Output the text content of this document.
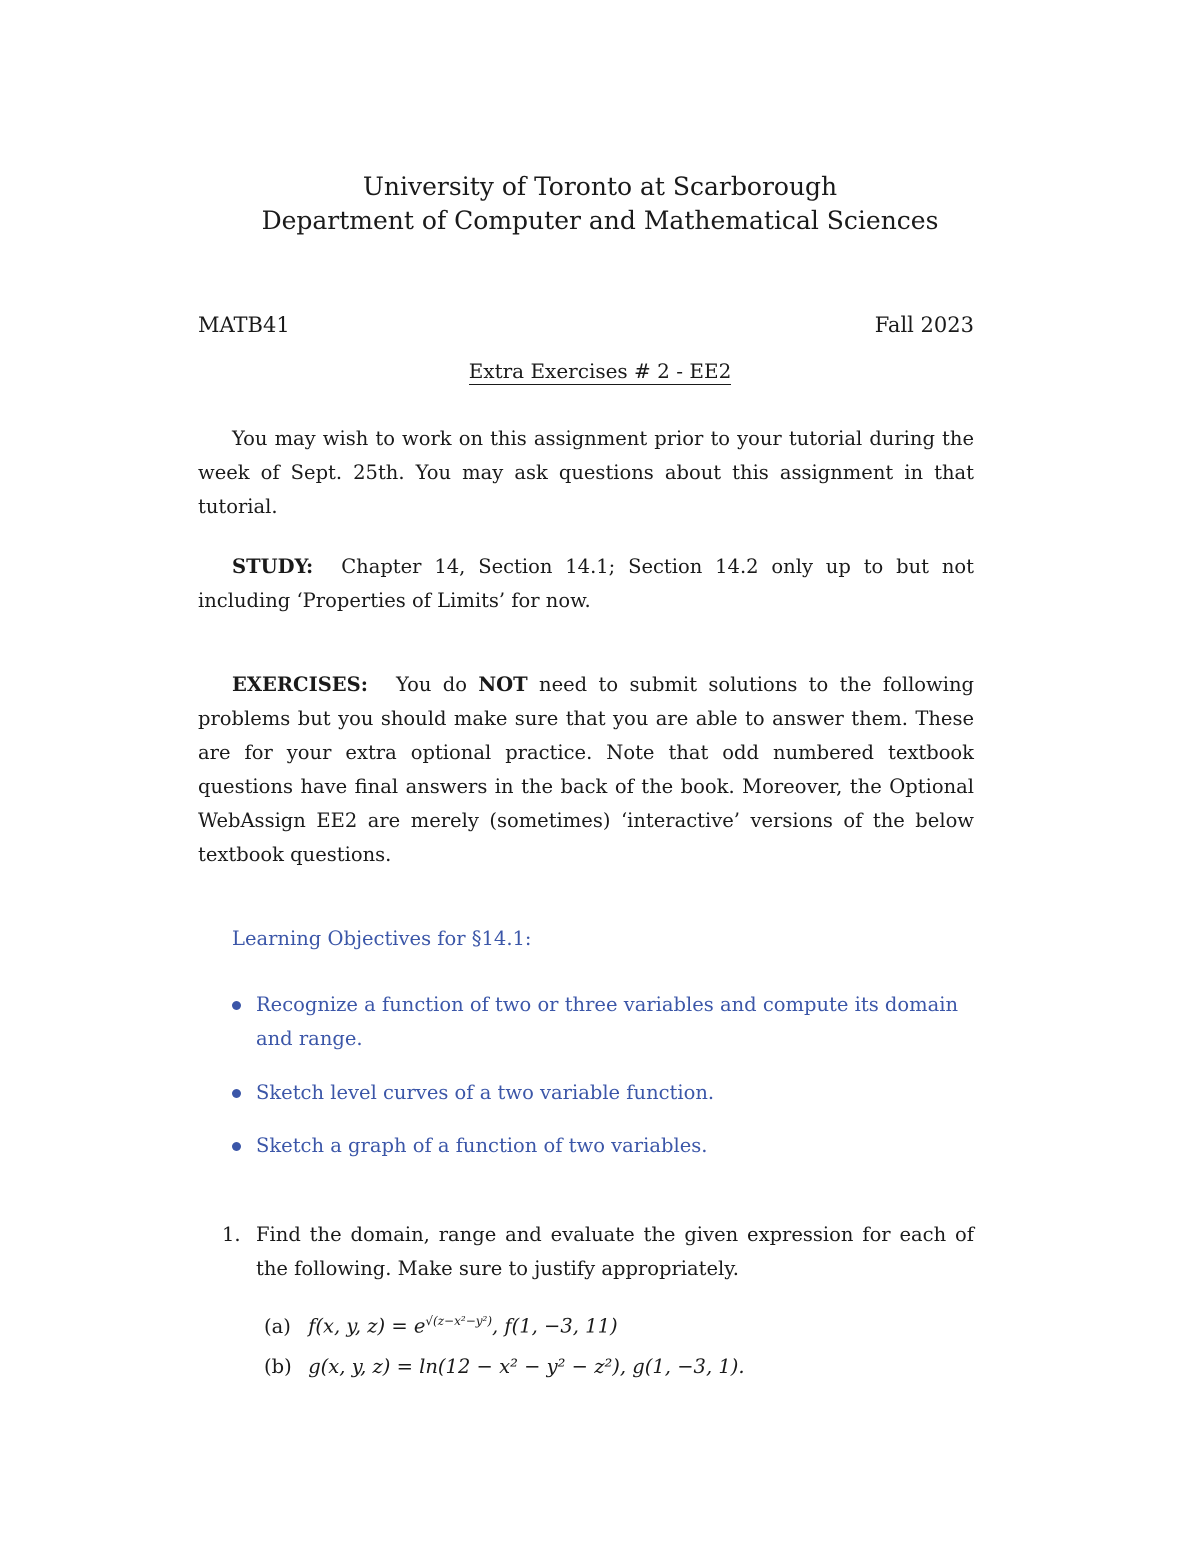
University of Toronto at Scarborough
Department of Computer and Mathematical Sciences
MATB41	Fall 2023
Extra Exercises # 2 - EE2
You may wish to work on this assignment prior to your tutorial during the week of Sept. 25th. You may ask questions about this assignment in that tutorial.
STUDY: Chapter 14, Section 14.1; Section 14.2 only up to but not including ‘Properties of Limits’ for now.
EXERCISES: You do NOT need to submit solutions to the following problems but you should make sure that you are able to answer them. These are for your extra optional practice. Note that odd numbered textbook questions have final answers in the back of the book. Moreover, the Optional WebAssign EE2 are merely (sometimes) ‘interactive’ versions of the below textbook questions.
Learning Objectives for §14.1:
Recognize a function of two or three variables and compute its domain and range.
Sketch level curves of a two variable function.
Sketch a graph of a function of two variables.
1. Find the domain, range and evaluate the given expression for each of the following. Make sure to justify appropriately.
(a) f(x, y, $z) = e^{√(z-x^2-y^2)}$, f(1, −3, 11)
(b) g(x, y, z) = ln(12 − x² − y² − z²), g(1, −3, 1).
